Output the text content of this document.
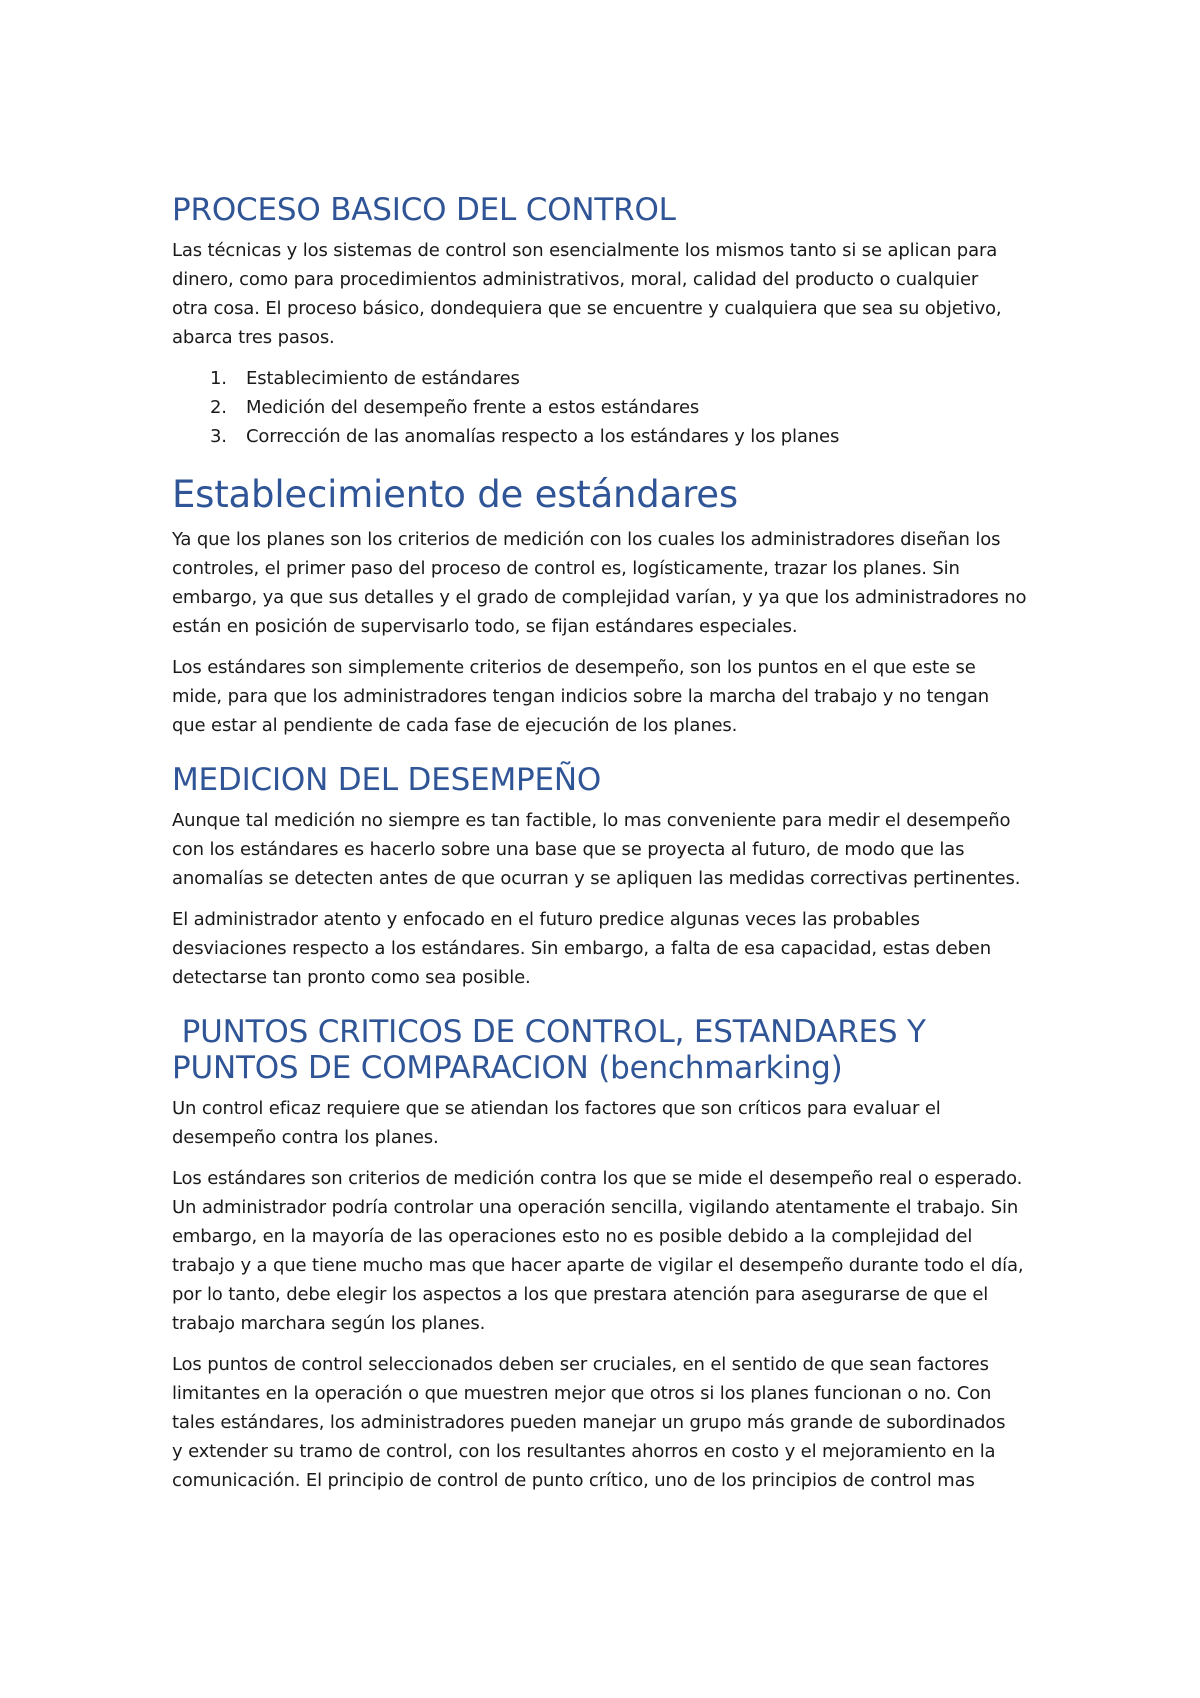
PROCESO BASICO DEL CONTROL

Las técnicas y los sistemas de control son esencialmente los mismos tanto si se aplican para

dinero, como para procedimientos administrativos, moral, calidad del producto o cualquier

otra cosa. El proceso básico, dondequiera que se encuentre y cualquiera que sea su objetivo,

abarca tres pasos.

1.	Establecimiento de estándares
2.	Medición del desempeño frente a estos estándares
3.	Corrección de las anomalías respecto a los estándares y los planes
Establecimiento de estándares

Ya que los planes son los criterios de medición con los cuales los administradores diseñan los

controles, el primer paso del proceso de control es, logísticamente, trazar los planes. Sin

embargo, ya que sus detalles y el grado de complejidad varían, y ya que los administradores no

están en posición de supervisarlo todo, se fijan estándares especiales.

Los estándares son simplemente criterios de desempeño, son los puntos en el que este se

mide, para que los administradores tengan indicios sobre la marcha del trabajo y no tengan

que estar al pendiente de cada fase de ejecución de los planes.

MEDICION DEL DESEMPEÑO

Aunque tal medición no siempre es tan factible, lo mas conveniente para medir el desempeño

con los estándares es hacerlo sobre una base que se proyecta al futuro, de modo que las

anomalías se detecten antes de que ocurran y se apliquen las medidas correctivas pertinentes.

El administrador atento y enfocado en el futuro predice algunas veces las probables

desviaciones respecto a los estándares. Sin embargo, a falta de esa capacidad, estas deben

detectarse tan pronto como sea posible.

PUNTOS CRITICOS DE CONTROL, ESTANDARES Y
PUNTOS DE COMPARACION (benchmarking)

Un control eficaz requiere que se atiendan los factores que son críticos para evaluar el

desempeño contra los planes.

Los estándares son criterios de medición contra los que se mide el desempeño real o esperado.

Un administrador podría controlar una operación sencilla, vigilando atentamente el trabajo. Sin

embargo, en la mayoría de las operaciones esto no es posible debido a la complejidad del

trabajo y a que tiene mucho mas que hacer aparte de vigilar el desempeño durante todo el día,

por lo tanto, debe elegir los aspectos a los que prestara atención para asegurarse de que el

trabajo marchara según los planes.

Los puntos de control seleccionados deben ser cruciales, en el sentido de que sean factores

limitantes en la operación o que muestren mejor que otros si los planes funcionan o no. Con

tales estándares, los administradores pueden manejar un grupo más grande de subordinados

y extender su tramo de control, con los resultantes ahorros en costo y el mejoramiento en la

comunicación. El principio de control de punto crítico, uno de los principios de control mas
